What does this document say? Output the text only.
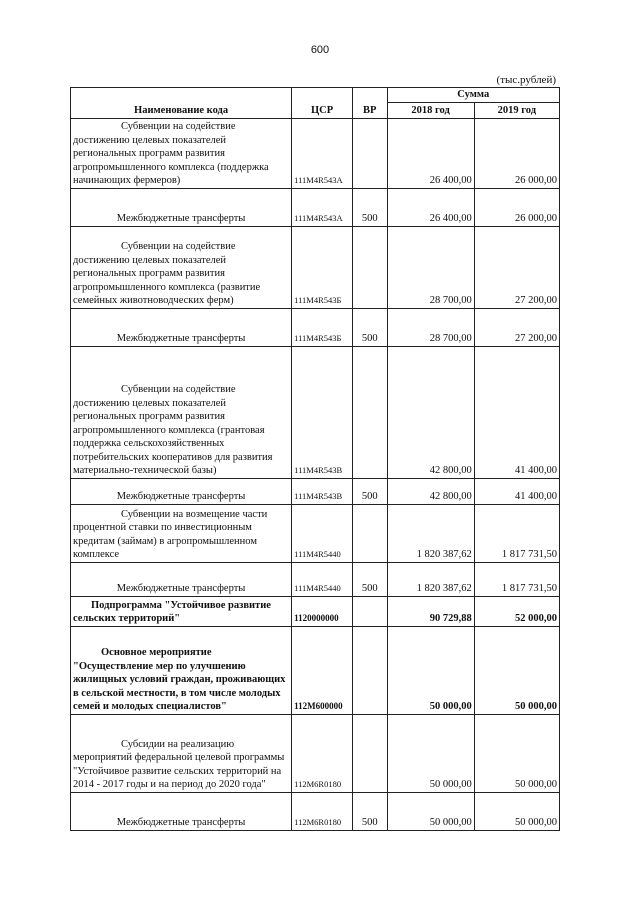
600
(тыс.рублей)
Наименование кода	ЦСР	ВР	Сумма	
			2018 год	2019 год

Субвенции на содействие достижению целевых показателей региональных программ развития агропромышленного комплекса (поддержка начинающих фермеров)	111M4R543A		26 400,00	26 000,00
Межбюджетные трансферты	111M4R543A	500	26 400,00	26 000,00

Субвенции на содействие достижению целевых показателей региональных программ развития агропромышленного комплекса (развитие семейных животноводческих ферм)	111M4R543Б		28 700,00	27 200,00
Межбюджетные трансферты	111M4R543Б	500	28 700,00	27 200,00

Субвенции на содействие достижению целевых показателей региональных программ развития агропромышленного комплекса (грантовая поддержка сельскохозяйственных потребительских кооперативов для развития материально-технической базы)	111M4R543B		42 800,00	41 400,00
Межбюджетные трансферты	111M4R543B	500	42 800,00	41 400,00

Субвенции на возмещение части процентной ставки по инвестиционным кредитам (займам) в агропромышленном комплексе	111M4R5440		1 820 387,62	1 817 731,50
Межбюджетные трансферты	111M4R5440	500	1 820 387,62	1 817 731,50

Подпрограмма "Устойчивое развитие сельских территорий"	1120000000		90 729,88	52 000,00

Основное мероприятие "Осуществление мер по улучшению жилищных условий граждан, проживающих в сельской местности, в том числе молодых семей и молодых специалистов"	112M600000		50 000,00	50 000,00

Субсидии на реализацию мероприятий федеральной целевой программы "Устойчивое развитие сельских территорий на 2014 - 2017 годы и на период до 2020 года"	112M6R0180		50 000,00	50 000,00
Межбюджетные трансферты	112M6R0180	500	50 000,00	50 000,00
